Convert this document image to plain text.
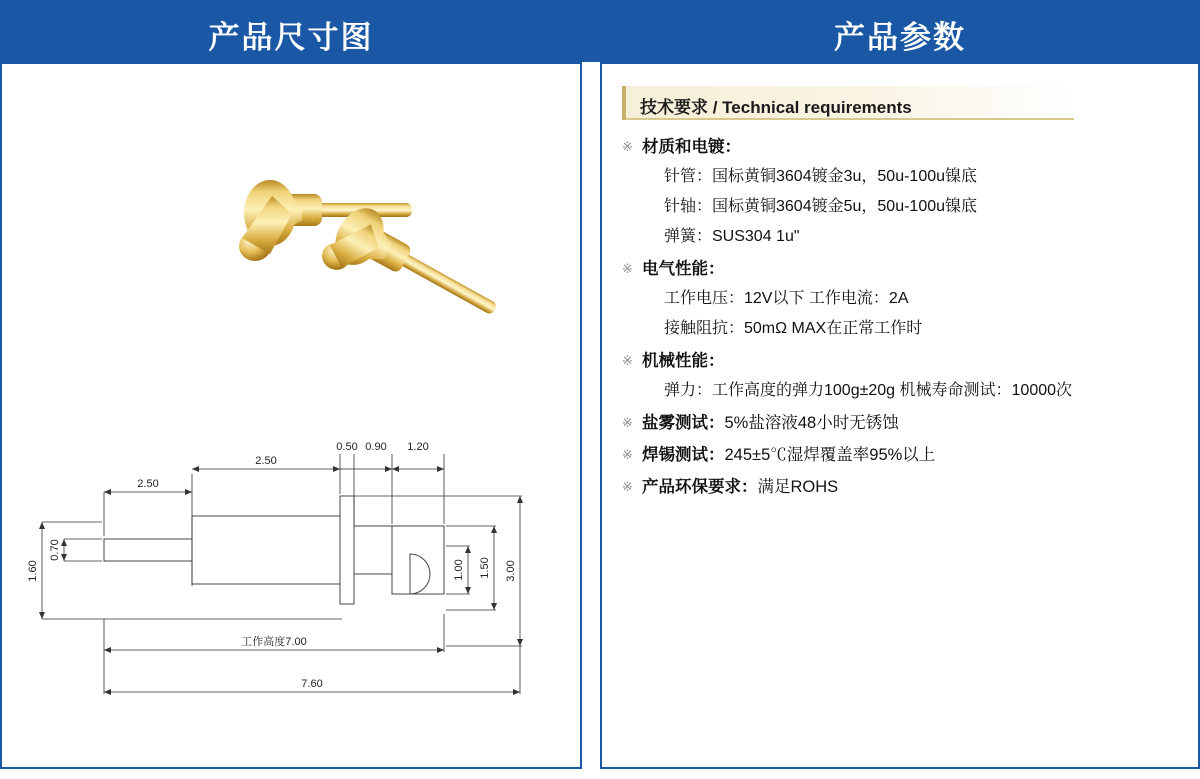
产品尺寸图	产品参数
2.50
2.50
0.50 0.90 1.20
1.60
0.70
3.00
1.50
1.00
工作高度7.00
7.60
技术要求 / Technical requirements
※ 材质和电镀：
针管：国标黄铜3604镀金3u，50u-100u镍底
针轴：国标黄铜3604镀金5u，50u-100u镍底
弹簧：SUS304 1u"
※ 电气性能：
工作电压：12V以下 工作电流：2A
接触阻抗：50mΩ MAX在正常工作时
※ 机械性能：
弹力：工作高度的弹力100g±20g 机械寿命测试：10000次
※ 盐雾测试： 5%盐溶液48小时无锈蚀
※ 焊锡测试： 245±5℃湿焊覆盖率95%以上
※ 产品环保要求： 满足ROHS
